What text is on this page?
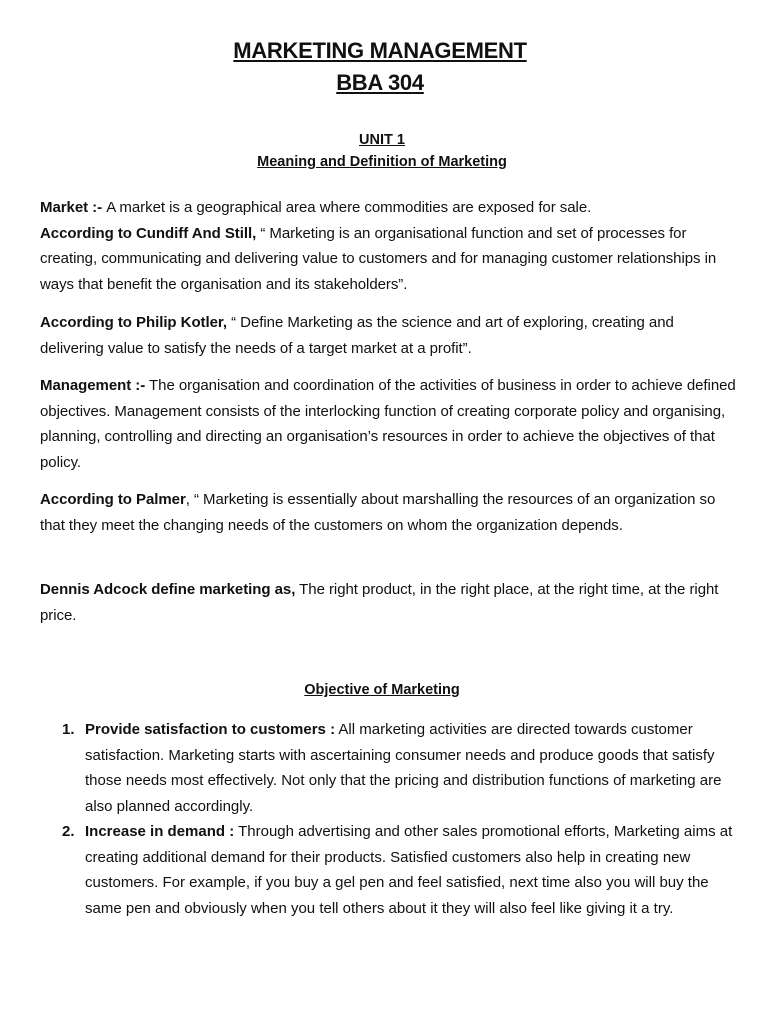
MARKETING MANAGEMENT
BBA 304
UNIT 1
Meaning and Definition of Marketing
Market :- A market is a geographical area where commodities are exposed for sale.
According to Cundiff And Still, “ Marketing is an organisational function and set of processes for creating, communicating and delivering value to customers and for managing customer relationships in ways that benefit the organisation and its stakeholders”.
According to Philip Kotler, “ Define Marketing as the science and art of exploring, creating and delivering value to satisfy the needs of a target market at a profit”.
Management :- The organisation and coordination of the activities of business in order to achieve defined objectives. Management consists of the interlocking function of creating corporate policy and organising, planning, controlling and directing an organisation’s resources in order to achieve the objectives of that policy.
According to Palmer, “ Marketing is essentially about marshalling the resources of an organization so that they meet the changing needs of the customers on whom the organization depends.
Dennis Adcock define marketing as, The right product, in the right place, at the right time, at the right price.
Objective of Marketing
1. Provide satisfaction to customers : All marketing activities are directed towards customer satisfaction. Marketing starts with ascertaining consumer needs and produce goods that satisfy those needs most effectively. Not only that the pricing and distribution functions of marketing are also planned accordingly.
2. Increase in demand : Through advertising and other sales promotional efforts, Marketing aims at creating additional demand for their products. Satisfied customers also help in creating new customers. For example, if you buy a gel pen and feel satisfied, next time also you will buy the same pen and obviously when you tell others about it they will also feel like giving it a try.
